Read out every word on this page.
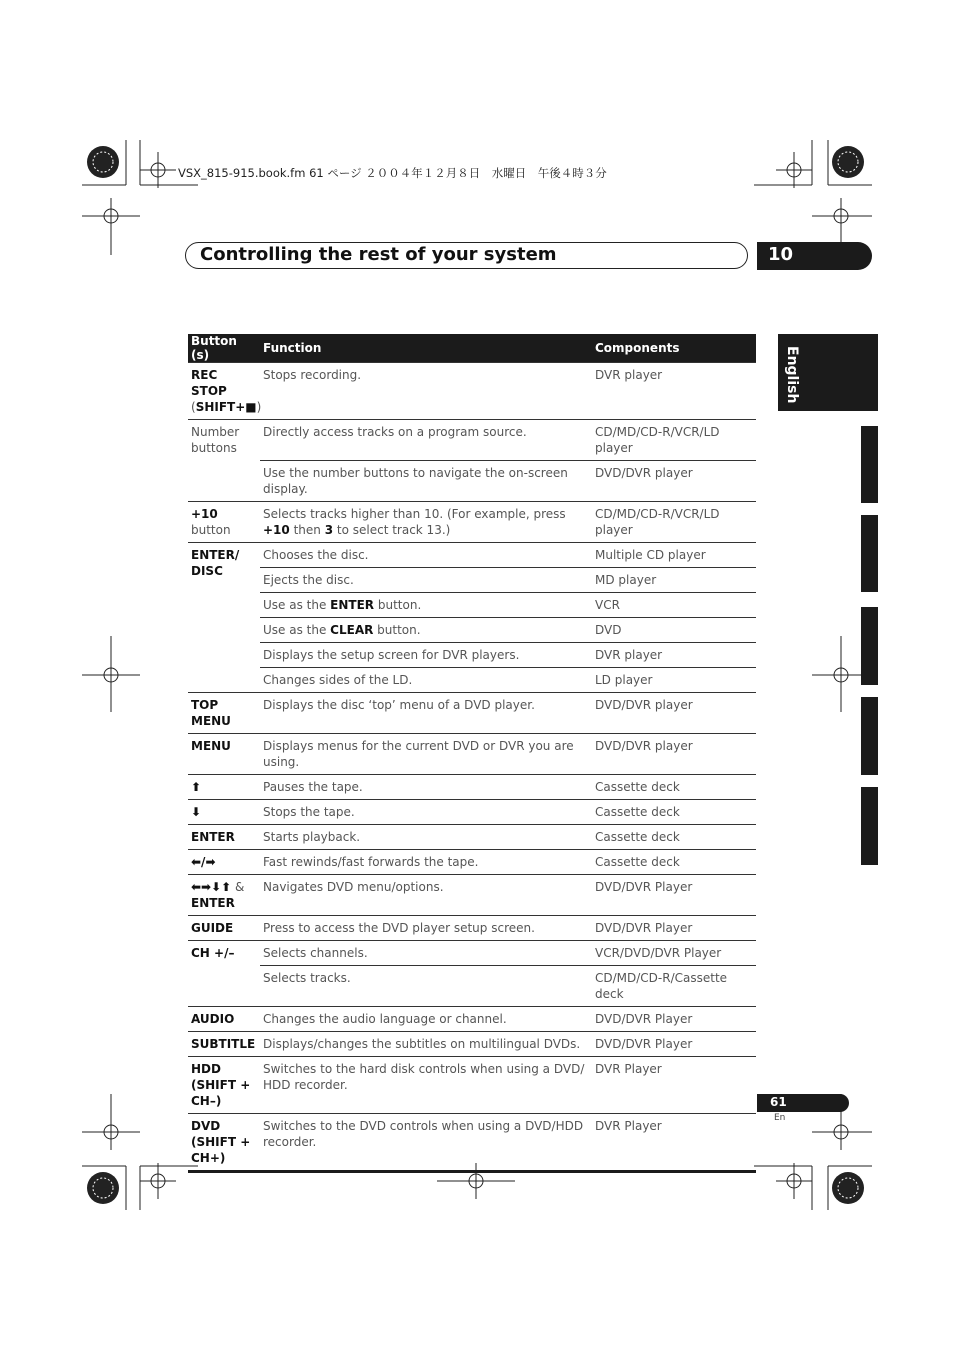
VSX_815-915.book.fm 61 ページ ２００４年１２月８日　水曜日　午後４時３分
Controlling the rest of your system	10
English
Button (s)	Function	Components
REC STOP
(SHIFT+■)	Stops recording.	DVR player
Number buttons	Directly access tracks on a program source.	CD/MD/CD-R/VCR/LD player
	Use the number buttons to navigate the on-screen display.	DVD/DVR player
+10 button	Selects tracks higher than 10. (For example, press +10 then 3 to select track 13.)	CD/MD/CD-R/VCR/LD player
ENTER/
DISC	Chooses the disc.	Multiple CD player
	Ejects the disc.	MD player
	Use as the ENTER button.	VCR
	Use as the CLEAR button.	DVD
	Displays the setup screen for DVR players.	DVR player
	Changes sides of the LD.	LD player
TOP MENU	Displays the disc ‘top’ menu of a DVD player.	DVD/DVR player
MENU	Displays menus for the current DVD or DVR you are using.	DVD/DVR player
⬆	Pauses the tape.	Cassette deck
⬇	Stops the tape.	Cassette deck
ENTER	Starts playback.	Cassette deck
⬅/➡	Fast rewinds/fast forwards the tape.	Cassette deck
⬅➡⬇⬆ &
ENTER	Navigates DVD menu/options.	DVD/DVR Player
GUIDE	Press to access the DVD player setup screen.	DVD/DVR Player
CH +/–	Selects channels.	VCR/DVD/DVR Player
	Selects tracks.	CD/MD/CD-R/Cassette deck
AUDIO	Changes the audio language or channel.	DVD/DVR Player
SUBTITLE	Displays/changes the subtitles on multilingual DVDs.	DVD/DVR Player
HDD (SHIFT + CH–)	Switches to the hard disk controls when using a DVD/ HDD recorder.	DVR Player
DVD (SHIFT + CH+)	Switches to the DVD controls when using a DVD/HDD recorder.	DVR Player
61
En
